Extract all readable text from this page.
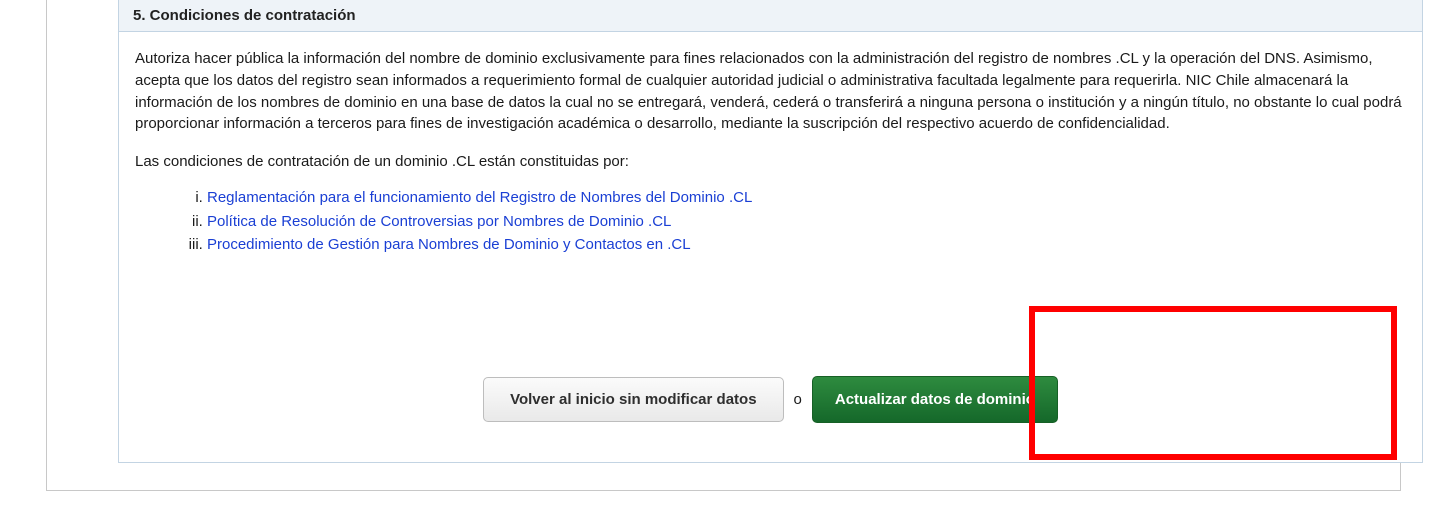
5. Condiciones de contratación

Autoriza hacer pública la información del nombre de dominio exclusivamente para fines relacionados con la administración del registro de nombres .CL y la operación del DNS. Asimismo, acepta que los datos del registro sean informados a requerimiento formal de cualquier autoridad judicial o administrativa facultada legalmente para requerirla. NIC Chile almacenará la información de los nombres de dominio en una base de datos la cual no se entregará, venderá, cederá o transferirá a ninguna persona o institución y a ningún título, no obstante lo cual podrá proporcionar información a terceros para fines de investigación académica o desarrollo, mediante la suscripción del respectivo acuerdo de confidencialidad.

Las condiciones de contratación de un dominio .CL están constituidas por:

i. Reglamentación para el funcionamiento del Registro de Nombres del Dominio .CL
ii. Política de Resolución de Controversias por Nombres de Dominio .CL
iii. Procedimiento de Gestión para Nombres de Dominio y Contactos en .CL
Volver al inicio sin modificar datos	o	Actualizar datos de dominio
